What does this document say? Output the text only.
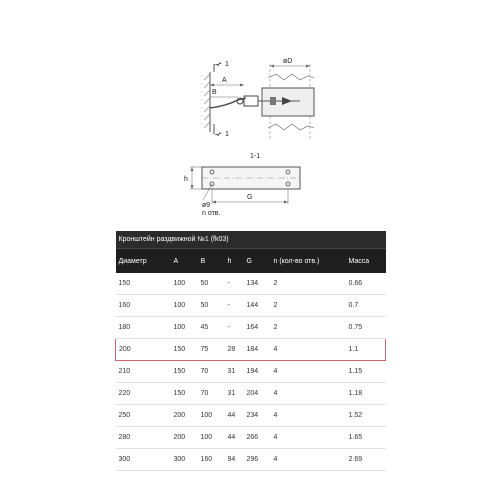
1
1
A
B
øD
1-1
h
G
ø9
n отв.
Кронштейн раздвижной №1 (fk03)						
Диаметр	A	B	h	G	n (кол-во отв.)	Масса
150	100	50	-	134	2	0.66
160	100	50	-	144	2	0.7
180	100	45	-	164	2	0.75
200	150	75	28	184	4	1.1
210	150	70	31	194	4	1.15
220	150	70	31	204	4	1.18
250	200	100	44	234	4	1.52
280	200	100	44	266	4	1.65
300	300	160	94	296	4	2.69
